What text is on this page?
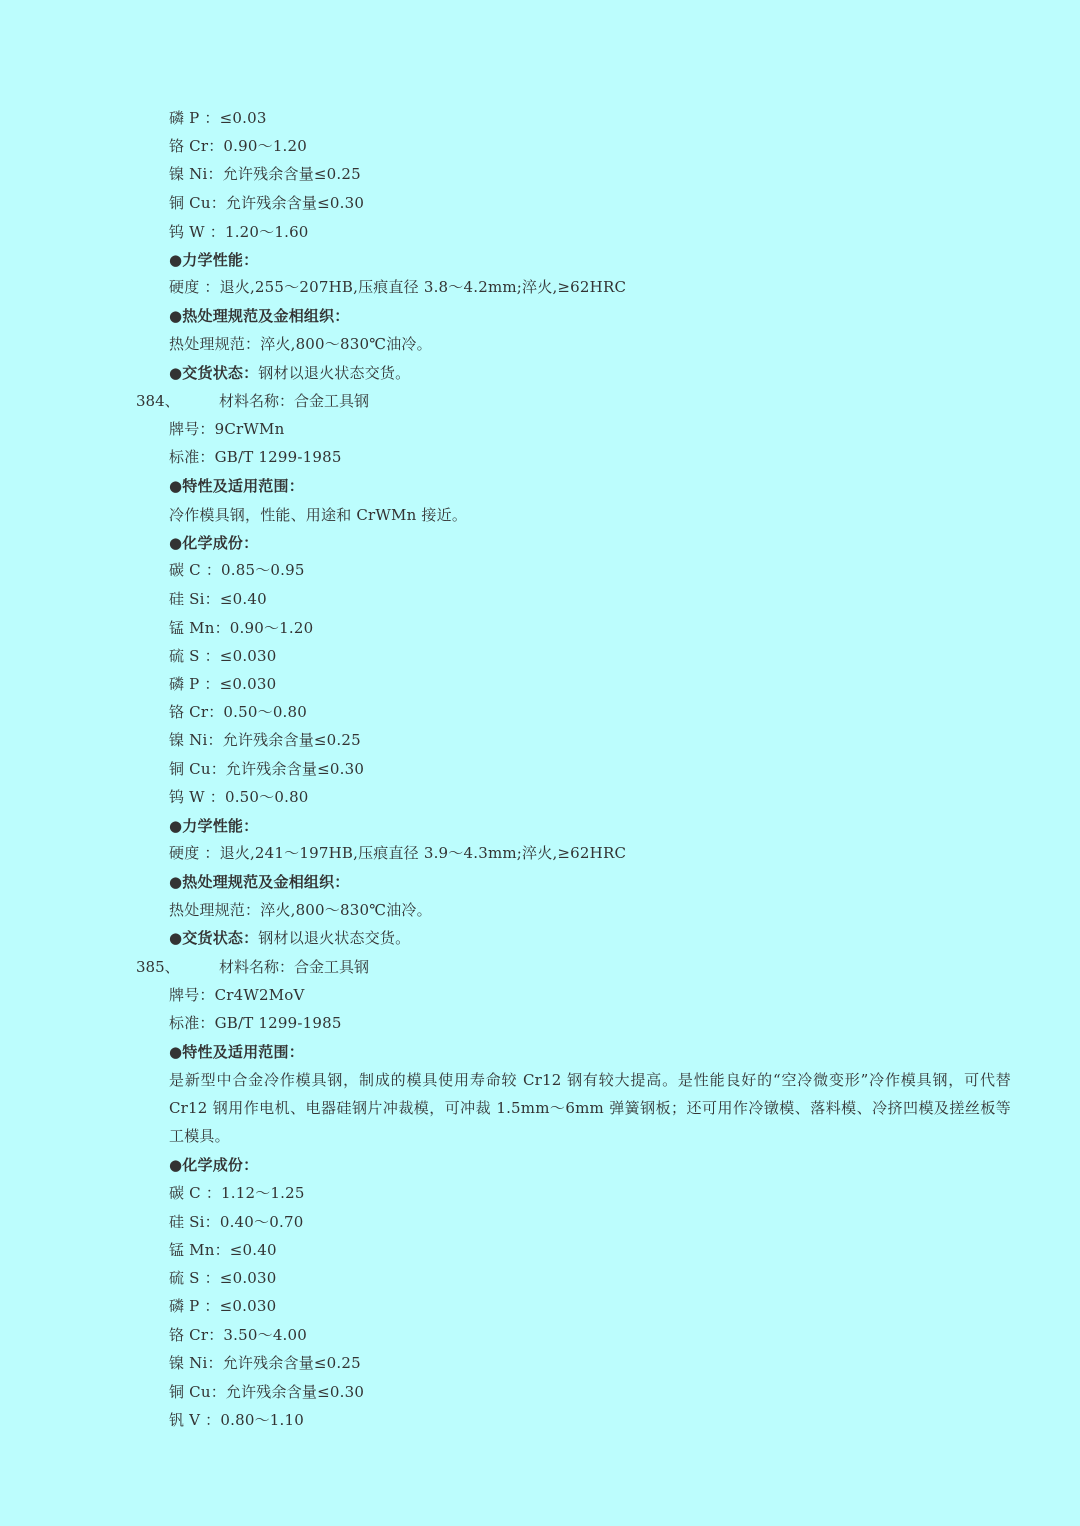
磷 P ：≤0.03
铬 Cr：0.90～1.20
镍 Ni：允许残余含量≤0.25
铜 Cu：允许残余含量≤0.30
钨 W ：1.20～1.60
●力学性能：
硬度 ：退火,255～207HB,压痕直径 3.8～4.2mm;淬火,≥62HRC
●热处理规范及金相组织：
热处理规范：淬火,800～830℃油冷。
●交货状态：钢材以退火状态交货。
384、	材料名称：合金工具钢
牌号：9CrWMn
标准：GB/T 1299-1985
●特性及适用范围：
冷作模具钢，性能、用途和 CrWMn 接近。
●化学成份：
碳 C ：0.85～0.95
硅 Si：≤0.40
锰 Mn：0.90～1.20
硫 S ：≤0.030
磷 P ：≤0.030
铬 Cr：0.50～0.80
镍 Ni：允许残余含量≤0.25
铜 Cu：允许残余含量≤0.30
钨 W ：0.50～0.80
●力学性能：
硬度 ：退火,241～197HB,压痕直径 3.9～4.3mm;淬火,≥62HRC
●热处理规范及金相组织：
热处理规范：淬火,800～830℃油冷。
●交货状态：钢材以退火状态交货。
385、	材料名称：合金工具钢
牌号：Cr4W2MoV
标准：GB/T 1299-1985
●特性及适用范围：
是新型中合金冷作模具钢，制成的模具使用寿命较 Cr12 钢有较大提高。是性能良好的“空冷微变形”冷作模具钢，可代替 Cr12 钢用作电机、电器硅钢片冲裁模，可冲裁 1.5mm～6mm 弹簧钢板；还可用作冷镦模、落料模、冷挤凹模及搓丝板等工模具。
●化学成份：
碳 C ：1.12～1.25
硅 Si：0.40～0.70
锰 Mn：≤0.40
硫 S ：≤0.030
磷 P ：≤0.030
铬 Cr：3.50～4.00
镍 Ni：允许残余含量≤0.25
铜 Cu：允许残余含量≤0.30
钒 V ：0.80～1.10
